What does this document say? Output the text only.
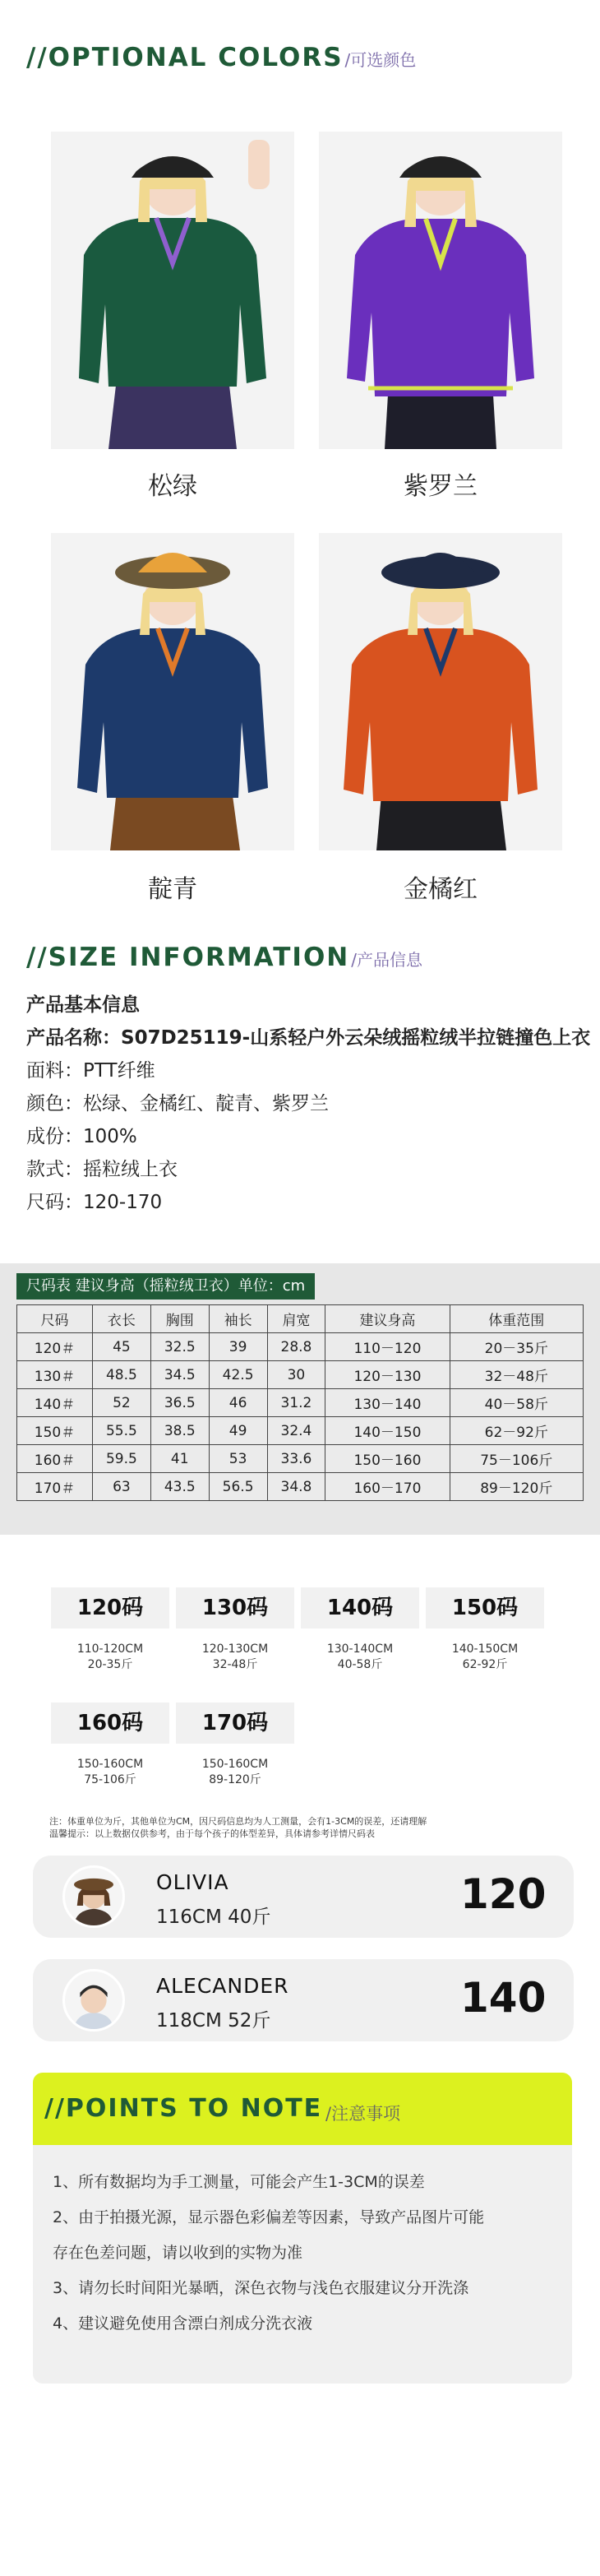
//OPTIONAL COLORS /可选颜色
松绿	紫罗兰
靛青	金橘红
//SIZE INFORMATION /产品信息
产品基本信息
产品名称：S07D25119-山系轻户外云朵绒摇粒绒半拉链撞色上衣
面料：PTT纤维
颜色：松绿、金橘红、靛青、紫罗兰
成份：100%
款式：摇粒绒上衣
尺码：120-170
尺码表 建议身高（摇粒绒卫衣）单位：cm
尺码	衣长	胸围	袖长	肩宽	建议身高	体重范围
120＃	45	32.5	39	28.8	110－120	20－35斤
130＃	48.5	34.5	42.5	30	120－130	32－48斤
140＃	52	36.5	46	31.2	130－140	40－58斤
150＃	55.5	38.5	49	32.4	140－150	62－92斤
160＃	59.5	41	53	33.6	150－160	75－106斤
170＃	63	43.5	56.5	34.8	160－170	89－120斤
120码
110-120CM
20-35斤
130码
120-130CM
32-48斤
140码
130-140CM
40-58斤
150码
140-150CM
62-92斤
160码
150-160CM
75-106斤
170码
150-160CM
89-120斤
注：体重单位为斤，其他单位为CM，因尺码信息均为人工测量，会有1-3CM的误差，还请理解
温馨提示：以上数据仅供参考，由于每个孩子的体型差异，具体请参考详情尺码表
OLIVIA
116CM 40斤	120
ALECANDER
118CM 52斤	140
//POINTS TO NOTE /注意事项
1、所有数据均为手工测量，可能会产生1-3CM的误差
2、由于拍摄光源，显示器色彩偏差等因素，导致产品图片可能
存在色差问题，请以收到的实物为准
3、请勿长时间阳光暴晒，深色衣物与浅色衣服建议分开洗涤
4、建议避免使用含漂白剂成分洗衣液
